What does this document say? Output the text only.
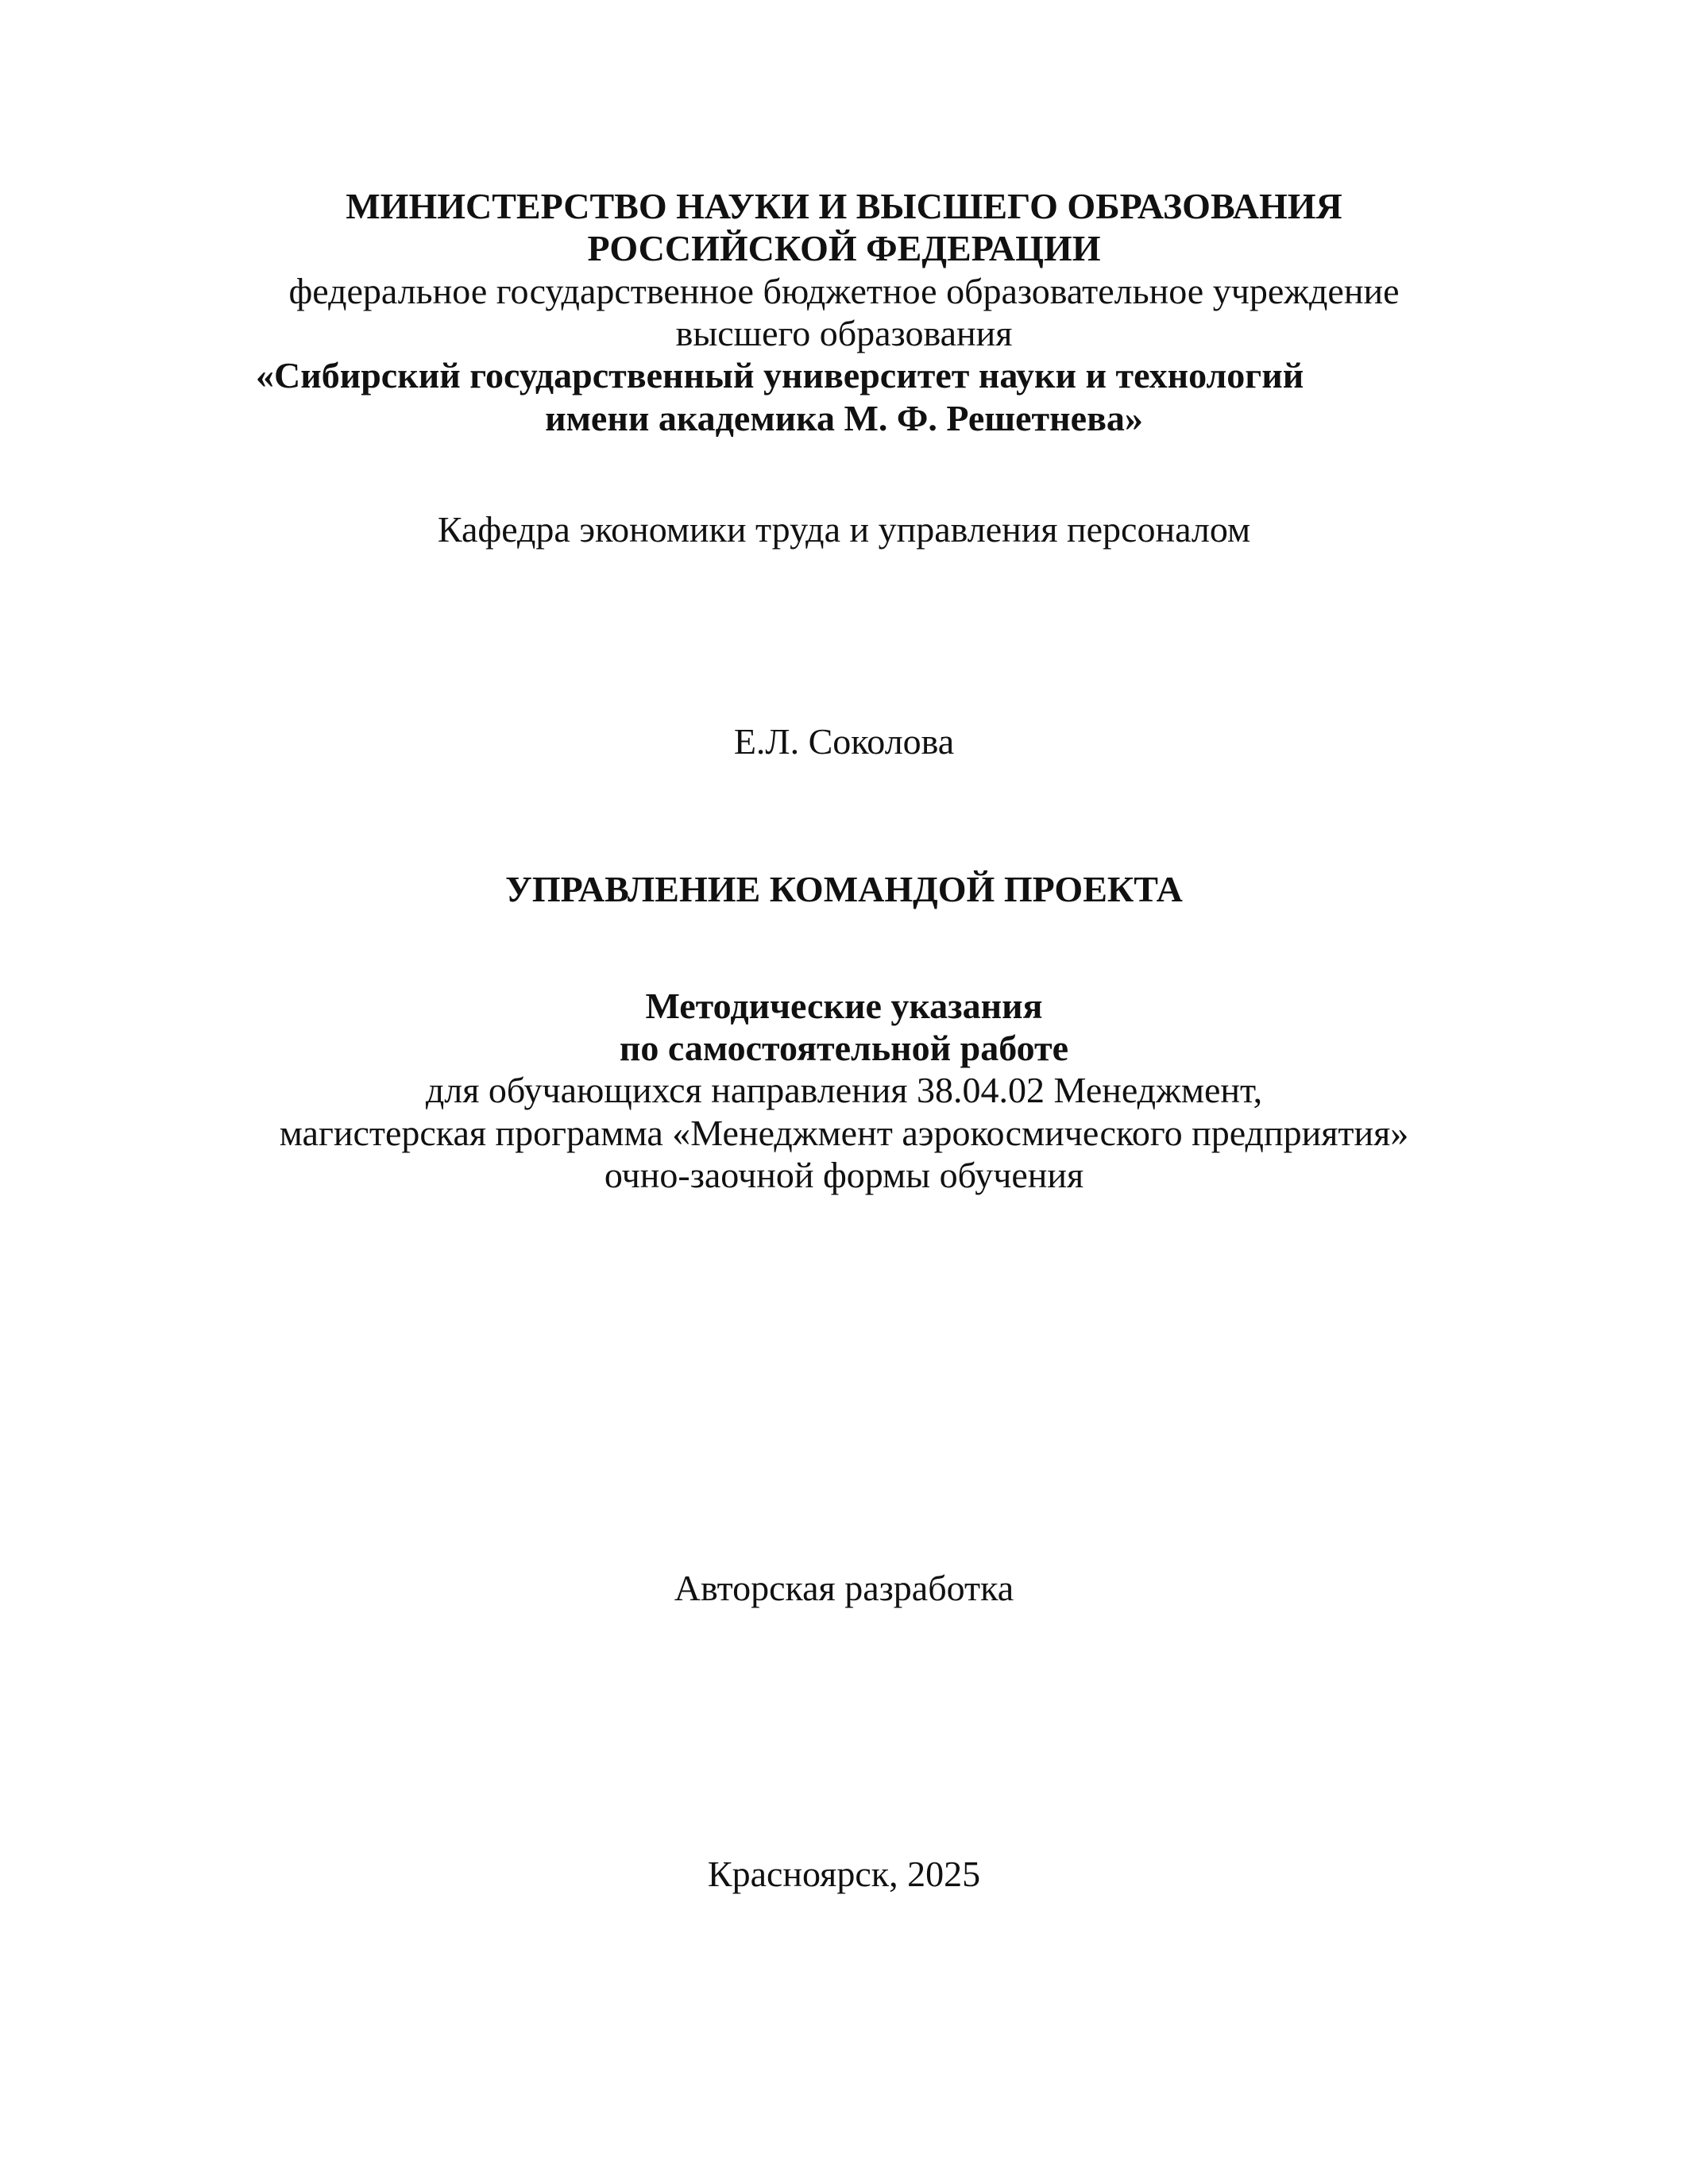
МИНИСТЕРСТВО НАУКИ И ВЫСШЕГО ОБРАЗОВАНИЯ
РОССИЙСКОЙ ФЕДЕРАЦИИ
федеральное государственное бюджетное образовательное учреждение
высшего образования
«Сибирский государственный университет науки и технологий
имени академика М. Ф. Решетнева»
Кафедра экономики труда и управления персоналом
Е.Л. Соколова
УПРАВЛЕНИЕ КОМАНДОЙ ПРОЕКТА
Методические указания
по самостоятельной работе
для обучающихся направления 38.04.02 Менеджмент,
магистерская программа «Менеджмент аэрокосмического предприятия»
очно-заочной формы обучения
Авторская разработка
Красноярск, 2025
